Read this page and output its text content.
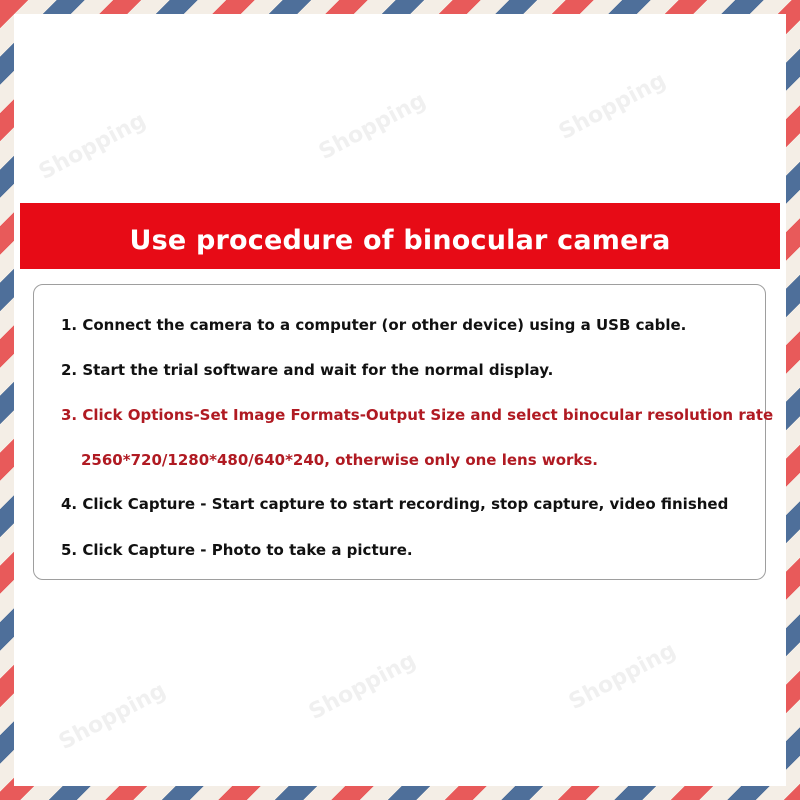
Shopping	Shopping	Shopping
Shopping	Shopping	Shopping
Use procedure of binocular camera
1. Connect the camera to a computer (or other device) using a USB cable.
2. Start the trial software and wait for the normal display.
3. Click Options-Set Image Formats-Output Size and select binocular resolution rate
2560*720/1280*480/640*240, otherwise only one lens works.
4. Click Capture - Start capture to start recording, stop capture, video finished
5. Click Capture - Photo to take a picture.
